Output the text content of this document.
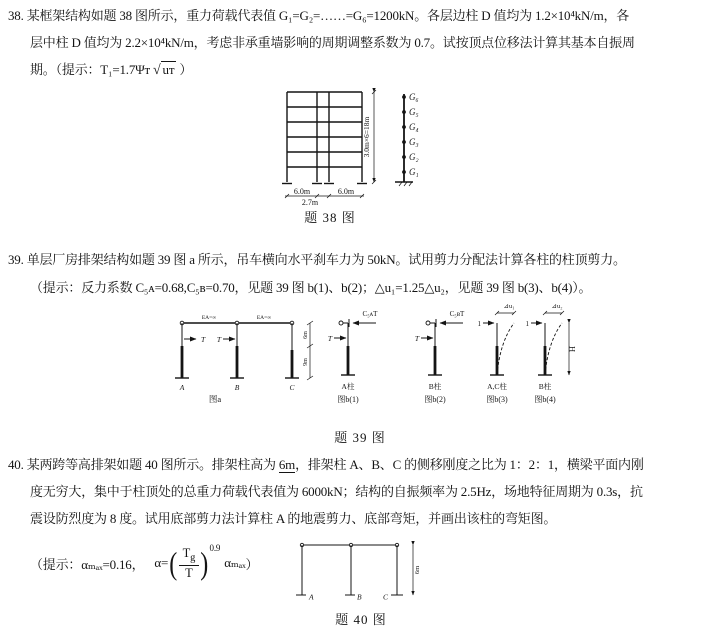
38. 某框架结构如题 38 图所示，重力荷载代表值 G₁=G₂=……=G₆=1200kN。各层边柱 D 值均为 1.2×10⁴kN/m，各
层中柱 D 值均为 2.2×10⁴kN/m，考虑非承重墙影响的周期调整系数为 0.7。试按顶点位移法计算其基本自振周
期。（提示：T₁=1.7Ψᴛ √ uᴛ ）
6.0m	6.0m
2.7m
3.0m×6=18m
G₆
G₅
G₄
G₃
G₂
G₁
题 38 图
39. 单层厂房排架结构如题 39 图 a 所示，吊车横向水平刹车力为 50kN。试用剪力分配法计算各柱的柱顶剪力。
（提示：反力系数 C₅ᴀ=0.68,C₅ʙ=0.70，见题 39 图 b(1)、b(2)；△u₁=1.25△u₂，见题 39 图 b(3)、b(4)）。
EA=∞	EA=∞
T T
A	B	C
6m
9m
图a
C₅ᴀT
T
A柱
图b(1)
C₅ʙT
T
B柱
图b(2)
1
⊿u₁
A,C柱
图b(3)
1
⊿u₂
H
B柱
图b(4)
题 39 图
40. 某两跨等高排架如题 40 图所示。排架柱高为 6m，排架柱 A、B、C 的侧移刚度之比为 1：2：1，横梁平面内刚
度无穷大，集中于柱顶处的总重力荷载代表值为 6000kN；结构的自振频率为 2.5Hz，场地特征周期为 0.3s，抗
震设防烈度为 8 度。试用底部剪力法计算柱 A 的地震剪力、底部弯矩，并画出该柱的弯矩图。
（提示： αₘₐₓ=0.16， α= ( $\frac{T_g}{T}$ ) 0.9
αₘₐₓ ）
A	B	C
6m
题 40 图
